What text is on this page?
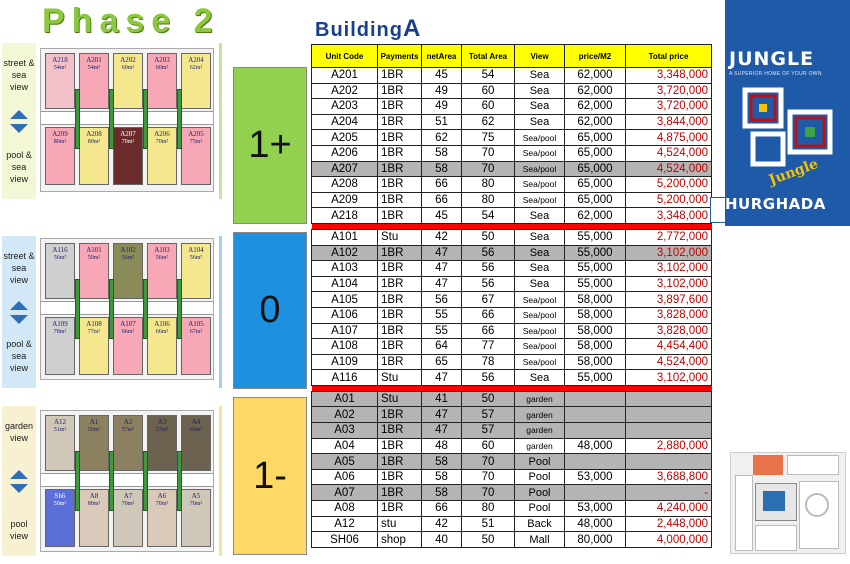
Phase 2	BuildingA
street & sea view
pool & sea view
street & sea view
pool & sea view
garden view
pool view
A218
54m²
A201
54m²
A202
60m²
A203
60m²
A204
62m²
A209
80m²
A208
80m²
A207
70m²
A206
70m²
A205
75m²
A116
56m²
A101
50m²
A102
56m²
A103
56m²
A104
56m²
A109
78m²
A108
77m²
A107
66m²
A106
66m²
A105
67m²
A12
51m²
A1
50m²
A2
57m²
A3
57m²
A4
60m²
Sh6
50m²
A8
80m²
A7
70m²
A6
70m²
A5
70m²
1+
0
1-
Unit Code	Payments	netArea	Total Area	View	price/M2	Total price
A201	1BR	45	54	Sea	62,000	3,348,000
A202	1BR	49	60	Sea	62,000	3,720,000
A203	1BR	49	60	Sea	62,000	3,720,000
A204	1BR	51	62	Sea	62,000	3,844,000
A205	1BR	62	75	Sea/pool	65,000	4,875,000
A206	1BR	58	70	Sea/pool	65,000	4,524,000
A207	1BR	58	70	Sea/pool	65,000	4,524,000
A208	1BR	66	80	Sea/pool	65,000	5,200,000
A209	1BR	66	80	Sea/pool	65,000	5,200,000
A218	1BR	45	54	Sea	62,000	3,348,000

A101	Stu	42	50	Sea	55,000	2,772,000
A102	1BR	47	56	Sea	55,000	3,102,000
A103	1BR	47	56	Sea	55,000	3,102,000
A104	1BR	47	56	Sea	55,000	3,102,000
A105	1BR	56	67	Sea/pool	58,000	3,897,600
A106	1BR	55	66	Sea/pool	58,000	3,828,000
A107	1BR	55	66	Sea/pool	58,000	3,828,000
A108	1BR	64	77	Sea/pool	58,000	4,454,400
A109	1BR	65	78	Sea/pool	58,000	4,524,000
A116	Stu	47	56	Sea	55,000	3,102,000

A01	Stu	41	50	garden		
A02	1BR	47	57	garden		
A03	1BR	47	57	garden		
A04	1BR	48	60	garden	48,000	2,880,000
A05	1BR	58	70	Pool		
A06	1BR	58	70	Pool	53,000	3,688,800
A07	1BR	58	70	Pool		-
A08	1BR	66	80	Pool	53,000	4,240,000
A12	stu	42	51	Back	48,000	2,448,000
SH06	shop	40	50	Mall	80,000	4,000,000
JUNGLE
A SUPERIOR HOME OF YOUR OWN
Jungle
HURGHADA
